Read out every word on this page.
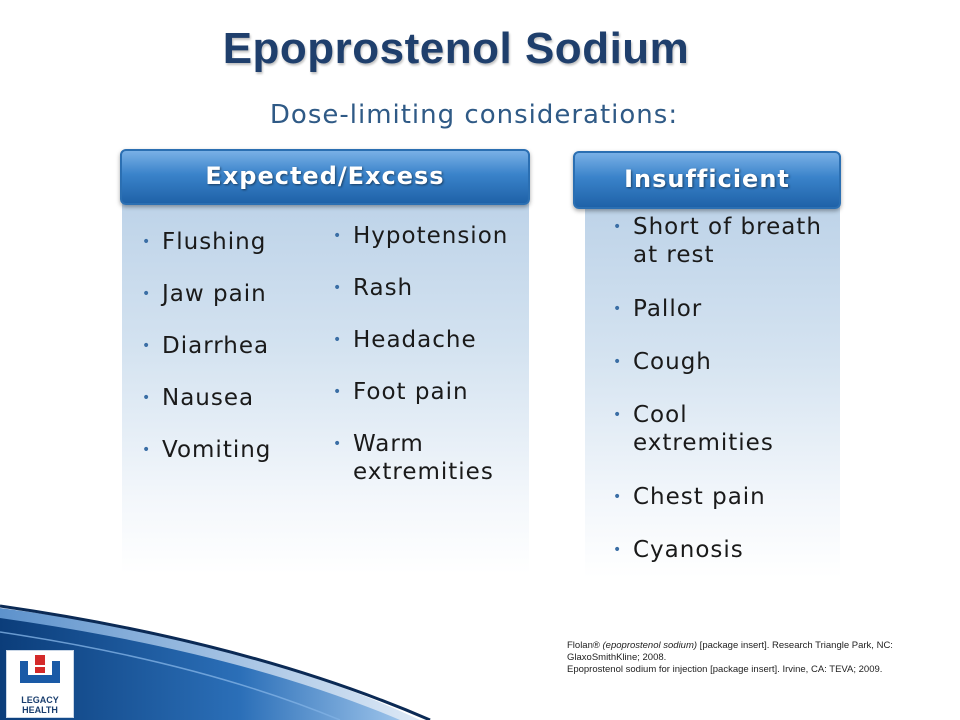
Epoprostenol Sodium
Dose-limiting considerations:
Expected/Excess
• Flushing
• Jaw pain
• Diarrhea
• Nausea
• Vomiting
• Hypotension
• Rash
• Headache
• Foot pain
• Warm extremities
Insufficient
• Short of breath at rest
• Pallor
• Cough
• Cool extremities
• Chest pain
• Cyanosis
Flolan® (epoprostenol sodium) [package insert]. Research Triangle Park, NC: GlaxoSmithKline; 2008.
Epoprostenol sodium for injection [package insert]. Irvine, CA: TEVA; 2009.
LEGACY HEALTH
